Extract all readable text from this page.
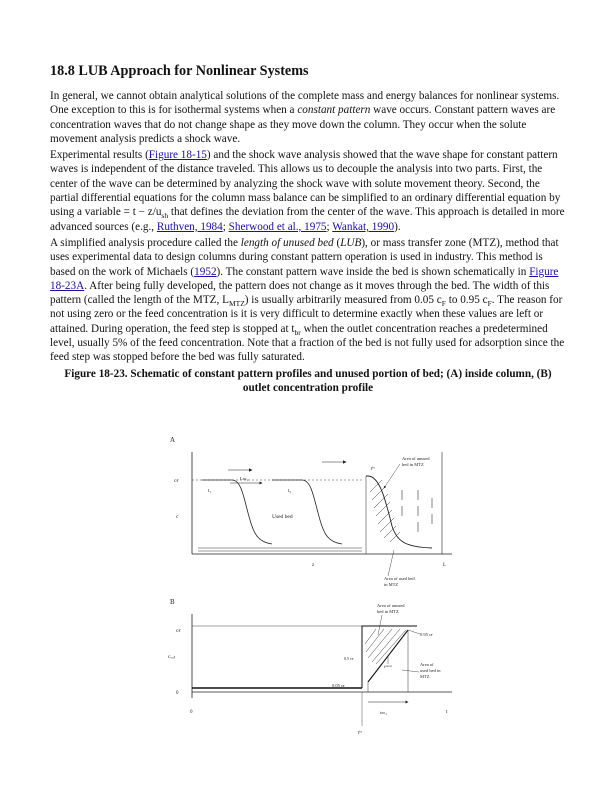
18.8 LUB Approach for Nonlinear Systems

In general, we cannot obtain analytical solutions of the complete mass and energy balances for nonlinear systems. One exception to this is for isothermal systems when a constant pattern wave occurs. Constant pattern waves are concentration waves that do not change shape as they move down the column. They occur when the solute movement analysis predicts a shock wave.

Experimental results (Figure 18-15) and the shock wave analysis showed that the wave shape for constant pattern waves is independent of the distance traveled. This allows us to decouple the analysis into two parts. First, the center of the wave can be determined by analyzing the shock wave with solute movement theory. Second, the partial differential equations for the column mass balance can be simplified to an ordinary differential equation by using a variable = $t - z/u_{sh}$ that defines the deviation from the center of the wave. This approach is detailed in more advanced sources (e.g., Ruthven, 1984; Sherwood et al., 1975; Wankat, 1990).

A simplified analysis procedure called the length of unused bed (LUB), or mass transfer zone (MTZ), method that uses experimental data to design columns during constant pattern operation is used in industry. This method is based on the work of Michaels (1952). The constant pattern wave inside the bed is shown schematically in Figure 18-23A. After being fully developed, the pattern does not change as it moves through the bed. The width of this pattern (called the length of the MTZ, $L_{MTZ}$) is usually arbitrarily measured from 0.05 $c_F$ to 0.95 $c_F$. The reason for not using zero or the feed concentration is it is very difficult to determine exactly when these values are left or attained. During operation, the feed step is stopped at $t_{br}$ when the outlet concentration reaches a predetermined level, usually 5% of the feed concentration. Note that a fraction of the bed is not fully used for adsorption since the feed step was stopped before the bed was fully saturated.

Figure 18-23. Schematic of constant pattern profiles and unused portion of bed; (A) inside column, (B) outlet concentration profile
A
cғ
c
Lₘₜ₂
t₁	t₂
Used bed
tᵇʳ
Area of unused
bed in MTZ
z	L
Area of used bed
in MTZ
B
cғ
cₒᵤₜ
0
0
Area of unused
bed in MTZ
0.95 cғ
0.5 cғ
tᶜᵉⁿᵗᵉʳ	Area of
used bed in
MTZ
0.05 cғ
tₘₜ₂
tᵇʳ
t
